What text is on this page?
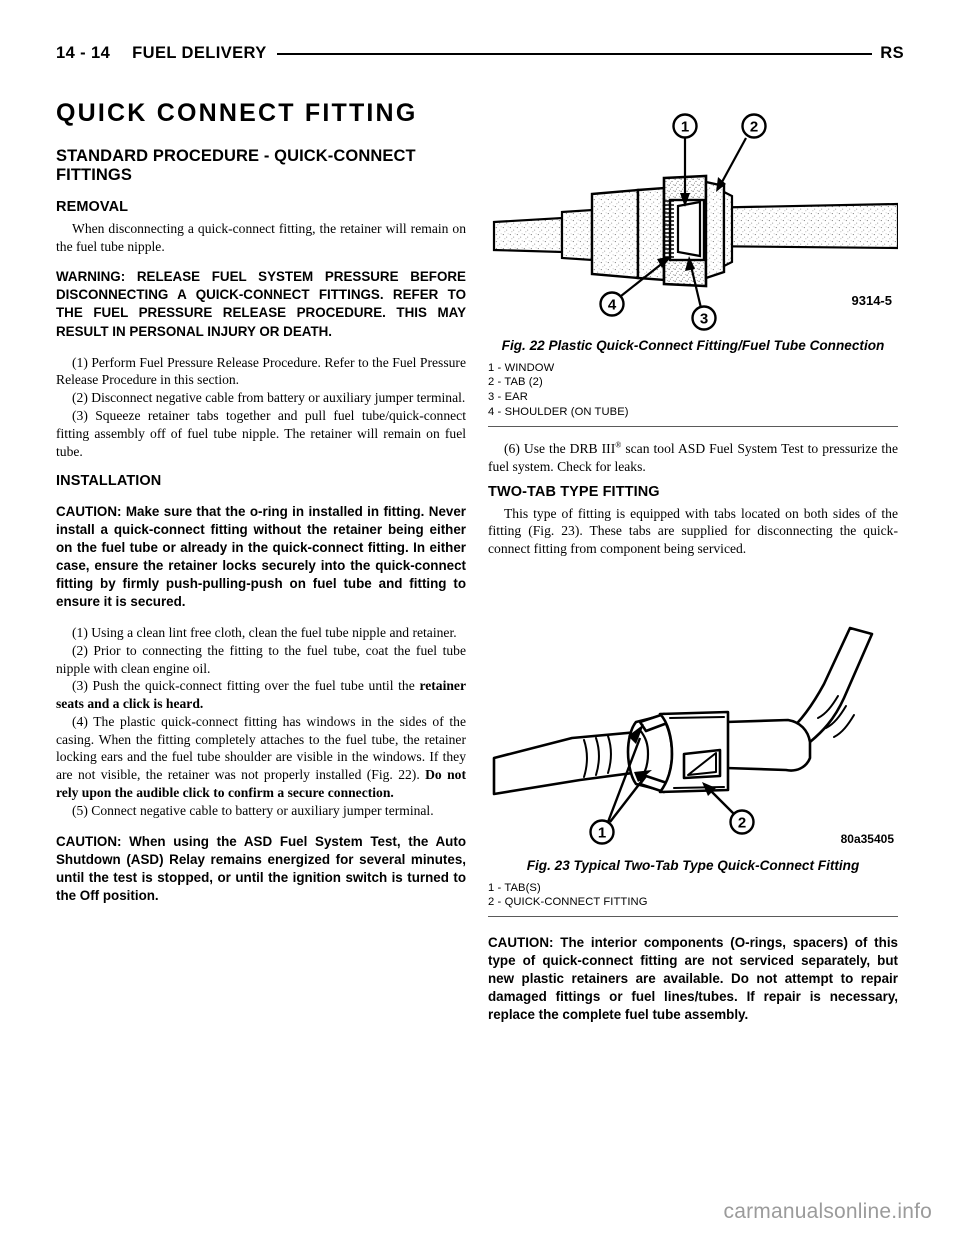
14 - 14 FUEL DELIVERY	RS
QUICK CONNECT FITTING
STANDARD PROCEDURE - QUICK-CONNECT FITTINGS
REMOVAL

When disconnecting a quick-connect fitting, the retainer will remain on the fuel tube nipple.

WARNING: RELEASE FUEL SYSTEM PRESSURE BEFORE DISCONNECTING A QUICK-CONNECT FITTINGS. REFER TO THE FUEL PRESSURE RELEASE PROCEDURE. THIS MAY RESULT IN PERSONAL INJURY OR DEATH.

(1) Perform Fuel Pressure Release Procedure. Refer to the Fuel Pressure Release Procedure in this section.

(2) Disconnect negative cable from battery or auxiliary jumper terminal.

(3) Squeeze retainer tabs together and pull fuel tube/quick-connect fitting assembly off of fuel tube nipple. The retainer will remain on fuel tube.

INSTALLATION

CAUTION: Make sure that the o-ring in installed in fitting. Never install a quick-connect fitting without the retainer being either on the fuel tube or already in the quick-connect fitting. In either case, ensure the retainer locks securely into the quick-connect fitting by firmly push-pulling-push on fuel tube and fitting to ensure it is secured.

(1) Using a clean lint free cloth, clean the fuel tube nipple and retainer.

(2) Prior to connecting the fitting to the fuel tube, coat the fuel tube nipple with clean engine oil.

(3) Push the quick-connect fitting over the fuel tube until the retainer seats and a click is heard.

(4) The plastic quick-connect fitting has windows in the sides of the casing. When the fitting completely attaches to the fuel tube, the retainer locking ears and the fuel tube shoulder are visible in the windows. If they are not visible, the retainer was not properly installed (Fig. 22). Do not rely upon the audible click to confirm a secure connection.

(5) Connect negative cable to battery or auxiliary jumper terminal.

CAUTION: When using the ASD Fuel System Test, the Auto Shutdown (ASD) Relay remains energized for several minutes, until the test is stopped, or until the ignition switch is turned to the Off position.

1	2
3
4	9314-5

Fig. 22 Plastic Quick-Connect Fitting/Fuel Tube Connection

1 - WINDOW
2 - TAB (2)
3 - EAR
4 - SHOULDER (ON TUBE)

(6) Use the DRB III® scan tool ASD Fuel System Test to pressurize the fuel system. Check for leaks.

TWO-TAB TYPE FITTING

This type of fitting is equipped with tabs located on both sides of the fitting (Fig. 23). These tabs are supplied for disconnecting the quick-connect fitting from component being serviced.

1
2
80a35405

Fig. 23 Typical Two-Tab Type Quick-Connect Fitting

1 - TAB(S)
2 - QUICK-CONNECT FITTING

CAUTION: The interior components (O-rings, spacers) of this type of quick-connect fitting are not serviced separately, but new plastic retainers are available. Do not attempt to repair damaged fittings or fuel lines/tubes. If repair is necessary, replace the complete fuel tube assembly.

carmanualsonline.info
